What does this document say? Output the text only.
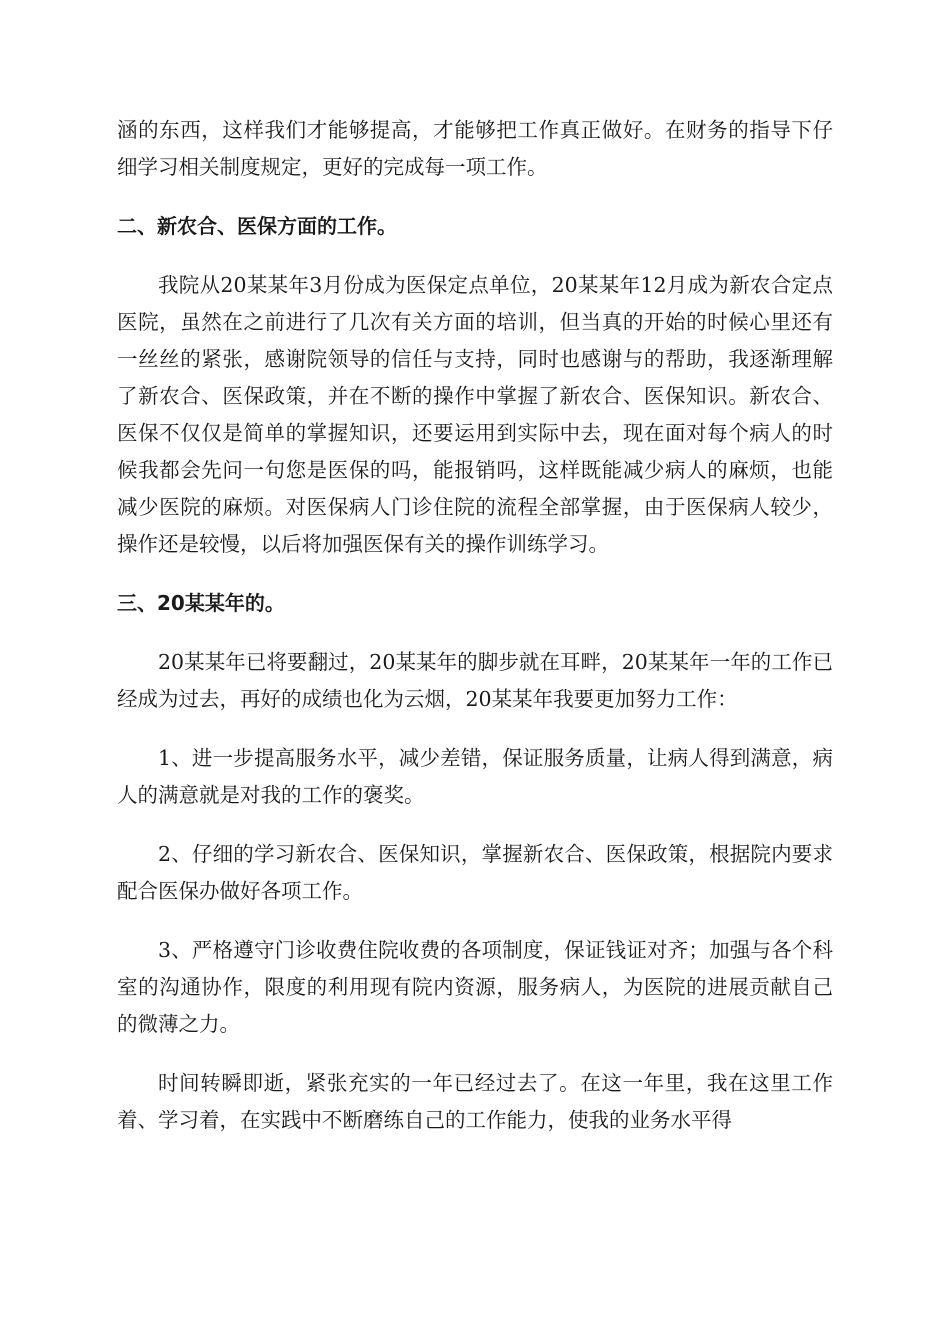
涵的东西，这样我们才能够提高，才能够把工作真正做好。在财务的指导下仔细学习相关制度规定，更好的完成每一项工作。

二、新农合、医保方面的工作。

我院从20某某年3月份成为医保定点单位，20某某年12月成为新农合定点医院，虽然在之前进行了几次有关方面的培训，但当真的开始的时候心里还有一丝丝的紧张，感谢院领导的信任与支持，同时也感谢与的帮助，我逐渐理解了新农合、医保政策，并在不断的操作中掌握了新农合、医保知识。新农合、医保不仅仅是简单的掌握知识，还要运用到实际中去，现在面对每个病人的时候我都会先问一句您是医保的吗，能报销吗，这样既能减少病人的麻烦，也能减少医院的麻烦。对医保病人门诊住院的流程全部掌握，由于医保病人较少，操作还是较慢，以后将加强医保有关的操作训练学习。

三、20某某年的。

20某某年已将要翻过，20某某年的脚步就在耳畔，20某某年一年的工作已经成为过去，再好的成绩也化为云烟，20某某年我要更加努力工作：

1、进一步提高服务水平，减少差错，保证服务质量，让病人得到满意，病人的满意就是对我的工作的褒奖。

2、仔细的学习新农合、医保知识，掌握新农合、医保政策，根据院内要求配合医保办做好各项工作。

3、严格遵守门诊收费住院收费的各项制度，保证钱证对齐；加强与各个科室的沟通协作，限度的利用现有院内资源，服务病人，为医院的进展贡献自己的微薄之力。

时间转瞬即逝，紧张充实的一年已经过去了。在这一年里，我在这里工作着、学习着，在实践中不断磨练自己的工作能力，使我的业务水平得
